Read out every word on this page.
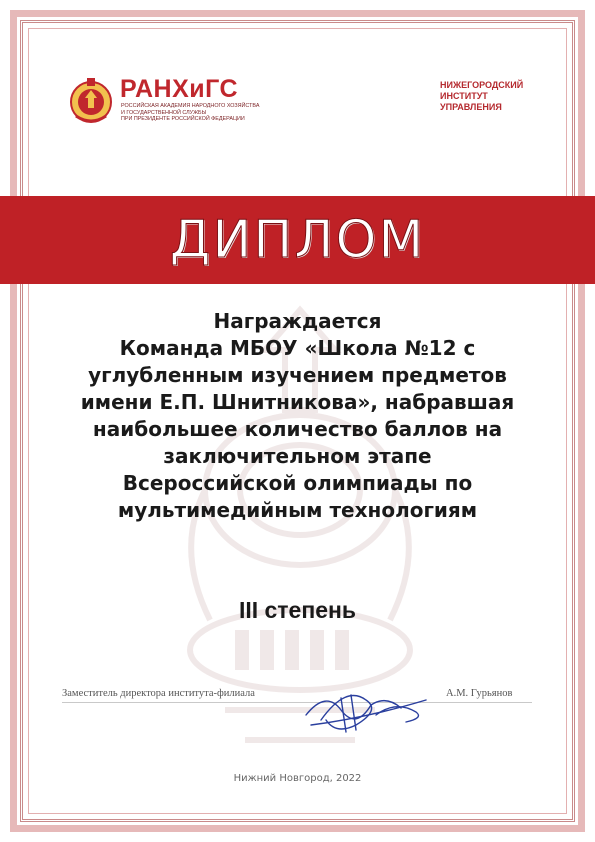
РАНХиГС
РОССИЙСКАЯ АКАДЕМИЯ НАРОДНОГО ХОЗЯЙСТВА
И ГОСУДАРСТВЕННОЙ СЛУЖБЫ
ПРИ ПРЕЗИДЕНТЕ РОССИЙСКОЙ ФЕДЕРАЦИИ
НИЖЕГОРОДСКИЙ
ИНСТИТУТ
УПРАВЛЕНИЯ
ДИПЛОМ
Награждается
Команда МБОУ «Школа №12 с
углубленным изучением предметов
имени Е.П. Шнитникова», набравшая
наибольшее количество баллов на
заключительном этапе
Всероссийской олимпиады по
мультимедийным технологиям
III степень
Заместитель директора института-филиала	А.М. Гурьянов
Нижний Новгород, 2022
